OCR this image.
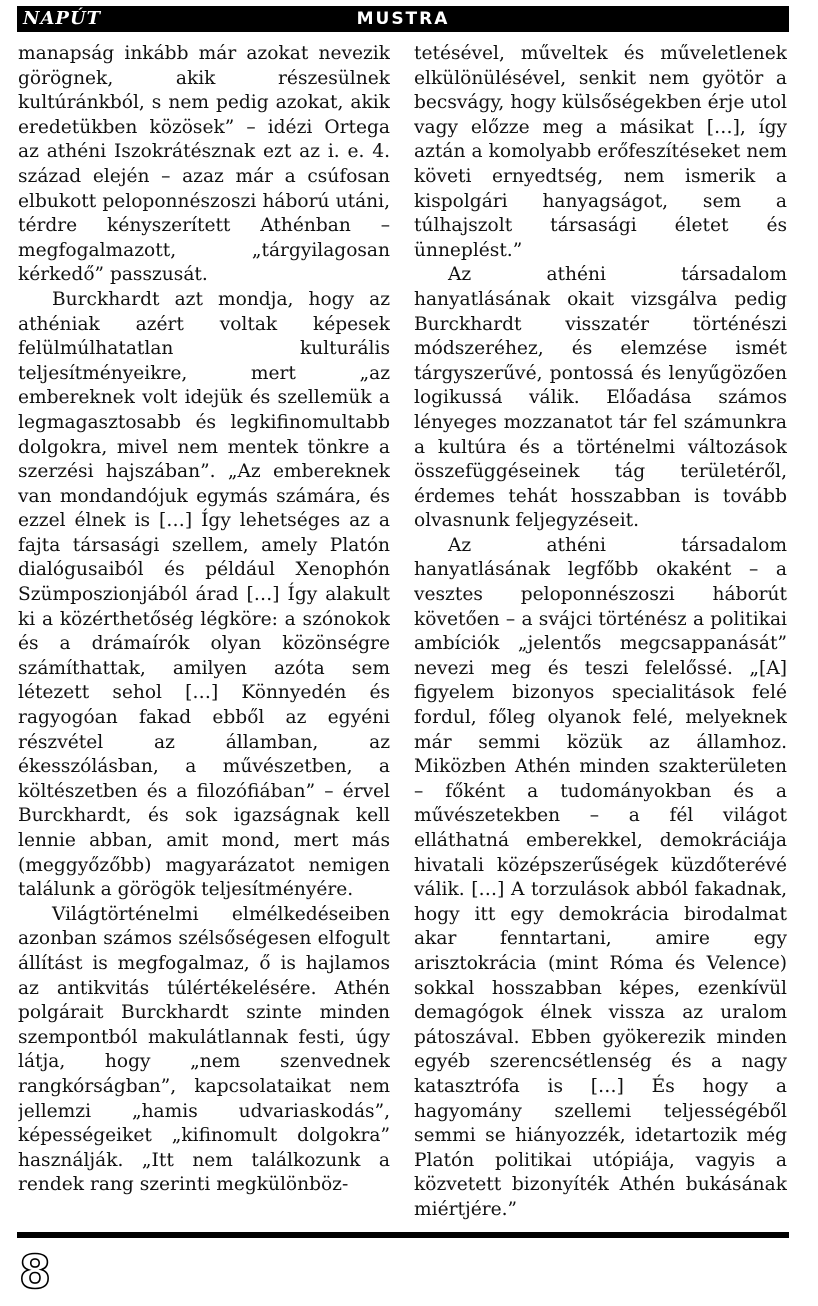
NAPÚT	MUSTRA

manapság inkább már azokat nevezik görögnek, akik részesülnek kultúránkból, s nem pedig azokat, akik eredetükben közösek” – idézi Ortega az athéni Iszokrátésznak ezt az i. e. 4. század elején – azaz már a csúfosan elbukott peloponnészoszi háború utáni, térdre kényszerített Athénban – megfogalmazott, „tárgyilagosan kérkedő” passzusát.

Burckhardt azt mondja, hogy az athéniak azért voltak képesek felülmúlhatatlan kulturális teljesítményeikre, mert „az embereknek volt idejük és szellemük a legmagasztosabb és legkifinomultabb dolgokra, mivel nem mentek tönkre a szerzési hajszában”. „Az embereknek van mondandójuk egymás számára, és ezzel élnek is […] Így lehetséges az a fajta társasági szellem, amely Platón dialógusaiból és például Xenophón Szümposzionjából árad […] Így alakult ki a közérthetőség légköre: a szónokok és a drámaírók olyan közönségre számíthattak, amilyen azóta sem létezett sehol […] Könnyedén és ragyogóan fakad ebből az egyéni részvétel az államban, az ékesszólásban, a művészetben, a költészetben és a filozófiában” – érvel Burckhardt, és sok igazságnak kell lennie abban, amit mond, mert más (meggyőzőbb) magyarázatot nemigen találunk a görögök teljesítményére.

Világtörténelmi elmélkedéseiben azonban számos szélsőségesen elfogult állítást is megfogalmaz, ő is hajlamos az antikvitás túlértékelésére. Athén polgárait Burckhardt szinte minden szempontból makulátlannak festi, úgy látja, hogy „nem szenvednek rangkórságban”, kapcsolataikat nem jellemzi „hamis udvariaskodás”, képességeiket „kifinomult dolgokra” használják. „Itt nem találkozunk a rendek rang szerinti megkülönböz-

tetésével, műveltek és műveletlenek elkülönülésével, senkit nem gyötör a becsvágy, hogy külsőségekben érje utol vagy előzze meg a másikat […], így aztán a komolyabb erőfeszítéseket nem követi ernyedtség, nem ismerik a kispolgári hanyagságot, sem a túlhajszolt társasági életet és ünneplést.”

Az athéni társadalom hanyatlásának okait vizsgálva pedig Burckhardt visszatér történészi módszeréhez, és elemzése ismét tárgyszerűvé, pontossá és lenyűgözően logikussá válik. Előadása számos lényeges mozzanatot tár fel számunkra a kultúra és a történelmi változások összefüggéseinek tág területéről, érdemes tehát hosszabban is tovább olvasnunk feljegyzéseit.

Az athéni társadalom hanyatlásának legfőbb okaként – a vesztes peloponnészoszi háborút követően – a svájci történész a politikai ambíciók „jelentős megcsappanását” nevezi meg és teszi felelőssé. „[A] figyelem bizonyos specialitások felé fordul, főleg olyanok felé, melyeknek már semmi közük az államhoz. Miközben Athén minden szakterületen – főként a tudományokban és a művészetekben – a fél világot elláthatná emberekkel, demokráciája hivatali középszerűségek küzdőterévé válik. […] A torzulások abból fakadnak, hogy itt egy demokrácia birodalmat akar fenntartani, amire egy arisztokrácia (mint Róma és Velence) sokkal hosszabban képes, ezenkívül demagógok élnek vissza az uralom pátoszával. Ebben gyökerezik minden egyéb szerencsétlenség és a nagy katasztrófa is […] És hogy a hagyomány szellemi teljességéből semmi se hiányozzék, idetartozik még Platón politikai utópiája, vagyis a közvetett bizonyíték Athén bukásának miértjére.”

8
